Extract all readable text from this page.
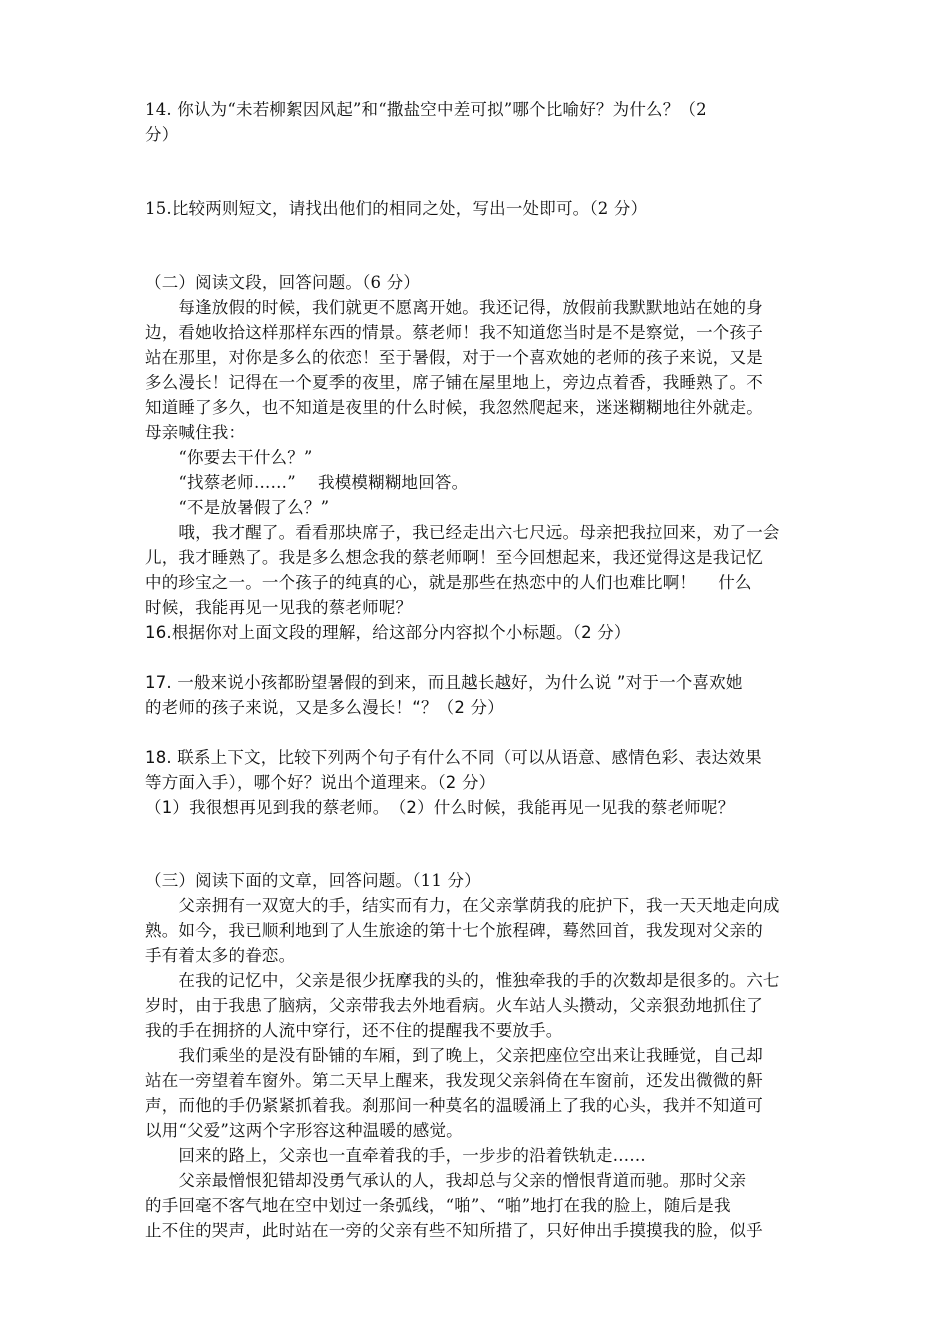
14. 你认为“未若柳絮因风起”和“撒盐空中差可拟”哪个比喻好？为什么？（2
分）
15.比较两则短文，请找出他们的相同之处，写出一处即可。（2 分）
（二）阅读文段，回答问题。（6 分）
　　每逢放假的时候，我们就更不愿离开她。我还记得，放假前我默默地站在她的身
边，看她收拾这样那样东西的情景。蔡老师！我不知道您当时是不是察觉，一个孩子
站在那里，对你是多么的依恋！至于暑假，对于一个喜欢她的老师的孩子来说，又是
多么漫长！记得在一个夏季的夜里，席子铺在屋里地上，旁边点着香，我睡熟了。不
知道睡了多久，也不知道是夜里的什么时候，我忽然爬起来，迷迷糊糊地往外就走。
母亲喊住我：
　　“你要去干什么？”
　　“找蔡老师……”　 我模模糊糊地回答。
　　“不是放暑假了么？”
　　哦，我才醒了。看看那块席子，我已经走出六七尺远。母亲把我拉回来，劝了一会
儿，我才睡熟了。我是多么想念我的蔡老师啊！至今回想起来，我还觉得这是我记忆
中的珍宝之一。一个孩子的纯真的心，就是那些在热恋中的人们也难比啊！　 什么
时候，我能再见一见我的蔡老师呢？
16.根据你对上面文段的理解，给这部分内容拟个小标题。（2 分）
17. 一般来说小孩都盼望暑假的到来，而且越长越好，为什么说 ”对于一个喜欢她
的老师的孩子来说，又是多么漫长！“？（2 分）
18. 联系上下文，比较下列两个句子有什么不同（可以从语意、感情色彩、表达效果
等方面入手），哪个好？说出个道理来。（2 分）
（1）我很想再见到我的蔡老师。　（2）什么时候，我能再见一见我的蔡老师呢？
（三）阅读下面的文章，回答问题。（11 分）
　　父亲拥有一双宽大的手，结实而有力，在父亲掌荫我的庇护下，我一天天地走向成
熟。如今，我已顺利地到了人生旅途的第十七个旅程碑，蓦然回首，我发现对父亲的
手有着太多的眷恋。
　　在我的记忆中，父亲是很少抚摩我的头的，惟独牵我的手的次数却是很多的。六七
岁时，由于我患了脑病，父亲带我去外地看病。火车站人头攒动，父亲狠劲地抓住了
我的手在拥挤的人流中穿行，还不住的提醒我不要放手。
　　我们乘坐的是没有卧铺的车厢，到了晚上，父亲把座位空出来让我睡觉，自己却
站在一旁望着车窗外。第二天早上醒来，我发现父亲斜倚在车窗前，还发出微微的鼾
声，而他的手仍紧紧抓着我。刹那间一种莫名的温暖涌上了我的心头，我并不知道可
以用“父爱”这两个字形容这种温暖的感觉。
　　回来的路上，父亲也一直牵着我的手，一步步的沿着铁轨走……
　　父亲最憎恨犯错却没勇气承认的人，我却总与父亲的憎恨背道而驰。那时父亲
的手回毫不客气地在空中划过一条弧线，“啪”、“啪”地打在我的脸上，随后是我
止不住的哭声，此时站在一旁的父亲有些不知所措了，只好伸出手摸摸我的脸，似乎
